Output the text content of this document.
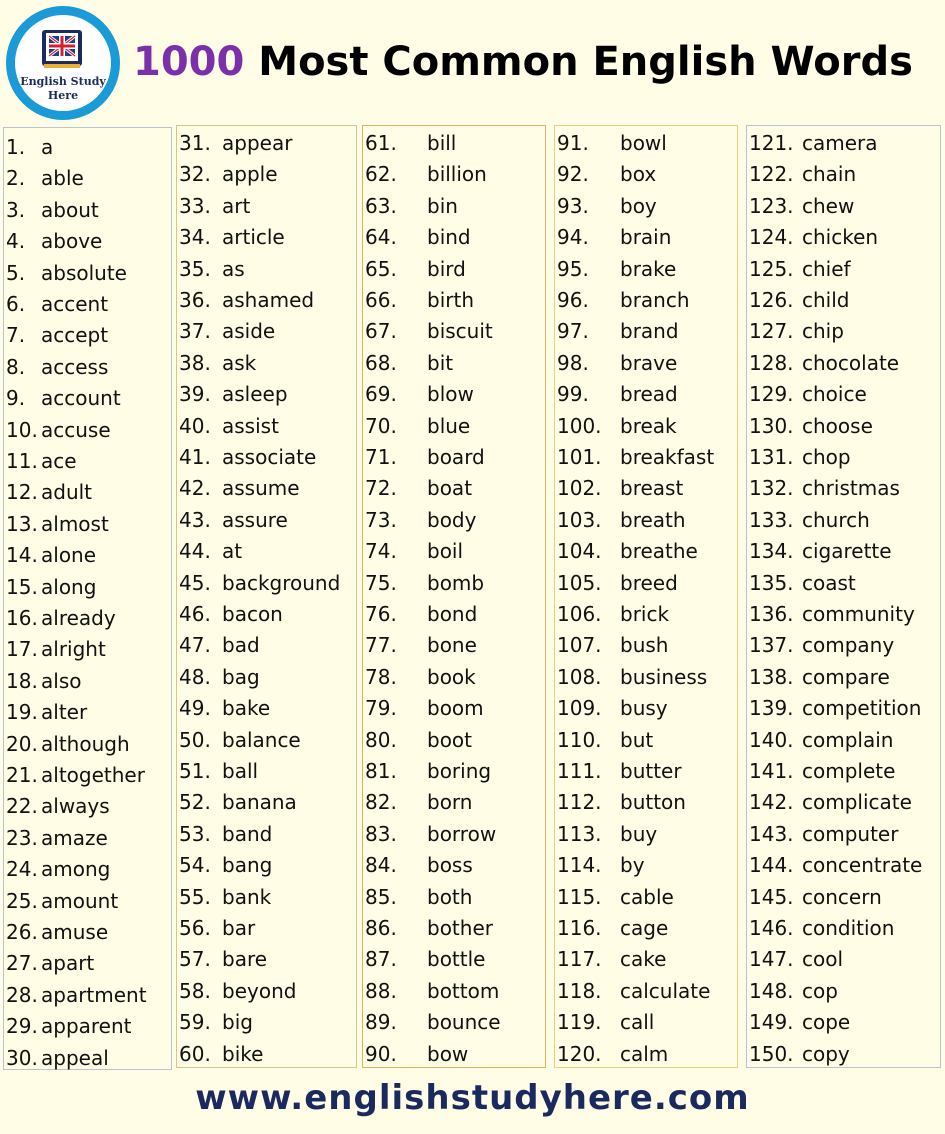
English Study
Here
1000 Most Common English Words
1. a
2. able
3. about
4. above
5. absolute
6. accent
7. accept
8. access
9. account
10. accuse
11. ace
12. adult
13. almost
14. alone
15. along
16. already
17. alright
18. also
19. alter
20. although
21. altogether
22. always
23. amaze
24. among
25. amount
26. amuse
27. apart
28. apartment
29. apparent
30. appeal
31. appear
32. apple
33. art
34. article
35. as
36. ashamed
37. aside
38. ask
39. asleep
40. assist
41. associate
42. assume
43. assure
44. at
45. background
46. bacon
47. bad
48. bag
49. bake
50. balance
51. ball
52. banana
53. band
54. bang
55. bank
56. bar
57. bare
58. beyond
59. big
60. bike
61. bill
62. billion
63. bin
64. bind
65. bird
66. birth
67. biscuit
68. bit
69. blow
70. blue
71. board
72. boat
73. body
74. boil
75. bomb
76. bond
77. bone
78. book
79. boom
80. boot
81. boring
82. born
83. borrow
84. boss
85. both
86. bother
87. bottle
88. bottom
89. bounce
90. bow
91. bowl
92. box
93. boy
94. brain
95. brake
96. branch
97. brand
98. brave
99. bread
100. break
101. breakfast
102. breast
103. breath
104. breathe
105. breed
106. brick
107. bush
108. business
109. busy
110. but
111. butter
112. button
113. buy
114. by
115. cable
116. cage
117. cake
118. calculate
119. call
120. calm
121. camera
122. chain
123. chew
124. chicken
125. chief
126. child
127. chip
128. chocolate
129. choice
130. choose
131. chop
132. christmas
133. church
134. cigarette
135. coast
136. community
137. company
138. compare
139. competition
140. complain
141. complete
142. complicate
143. computer
144. concentrate
145. concern
146. condition
147. cool
148. cop
149. cope
150. copy
www.englishstudyhere.com
